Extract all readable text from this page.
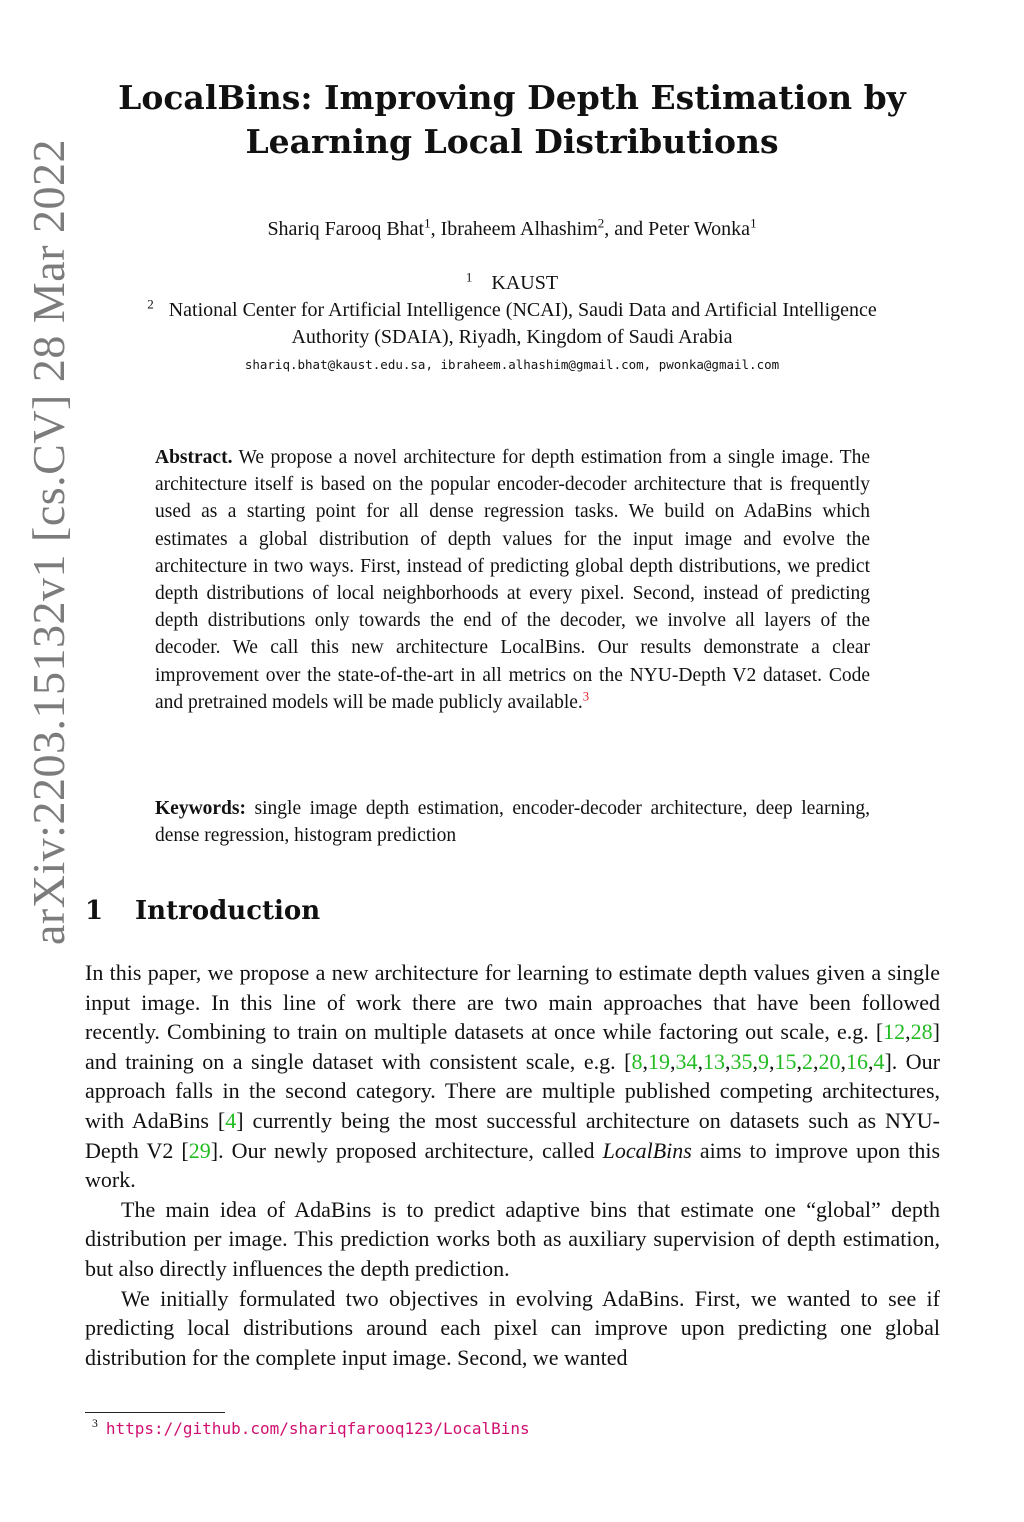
arXiv:2203.15132v1 [cs.CV] 28 Mar 2022
LocalBins: Improving Depth Estimation by
Learning Local Distributions
Shariq Farooq Bhat$^1$, Ibraheem Alhashim$^2$, and Peter Wonka$^1$
$^1$ KAUST
$^2$ National Center for Artificial Intelligence (NCAI), Saudi Data and Artificial Intelligence Authority (SDAIA), Riyadh, Kingdom of Saudi Arabia
shariq.bhat@kaust.edu.sa, ibraheem.alhashim@gmail.com, pwonka@gmail.com
Abstract. We propose a novel architecture for depth estimation from a single image. The architecture itself is based on the popular encoder-decoder architecture that is frequently used as a starting point for all dense regression tasks. We build on AdaBins which estimates a global distribution of depth values for the input image and evolve the architecture in two ways. First, instead of predicting global depth distributions, we predict depth distributions of local neighborhoods at every pixel. Second, instead of predicting depth distributions only towards the end of the decoder, we involve all layers of the decoder. We call this new architecture LocalBins. Our results demonstrate a clear improvement over the state-of-the-art in all metrics on the NYU-Depth V2 dataset. Code and pretrained models will be made publicly available.$^3$
Keywords: single image depth estimation, encoder-decoder architecture, deep learning, dense regression, histogram prediction
1 Introduction

In this paper, we propose a new architecture for learning to estimate depth values given a single input image. In this line of work there are two main approaches that have been followed recently. Combining to train on multiple datasets at once while factoring out scale, e.g. [12,28] and training on a single dataset with consistent scale, e.g. [8,19,34,13,35,9,15,2,20,16,4]. Our approach falls in the second category. There are multiple published competing architectures, with AdaBins [4] currently being the most successful architecture on datasets such as NYU-Depth V2 [29]. Our newly proposed architecture, called LocalBins aims to improve upon this work.

The main idea of AdaBins is to predict adaptive bins that estimate one “global” depth distribution per image. This prediction works both as auxiliary supervision of depth estimation, but also directly influences the depth prediction.

We initially formulated two objectives in evolving AdaBins. First, we wanted to see if predicting local distributions around each pixel can improve upon predicting one global distribution for the complete input image. Second, we wanted

$^3$ https://github.com/shariqfarooq123/LocalBins
